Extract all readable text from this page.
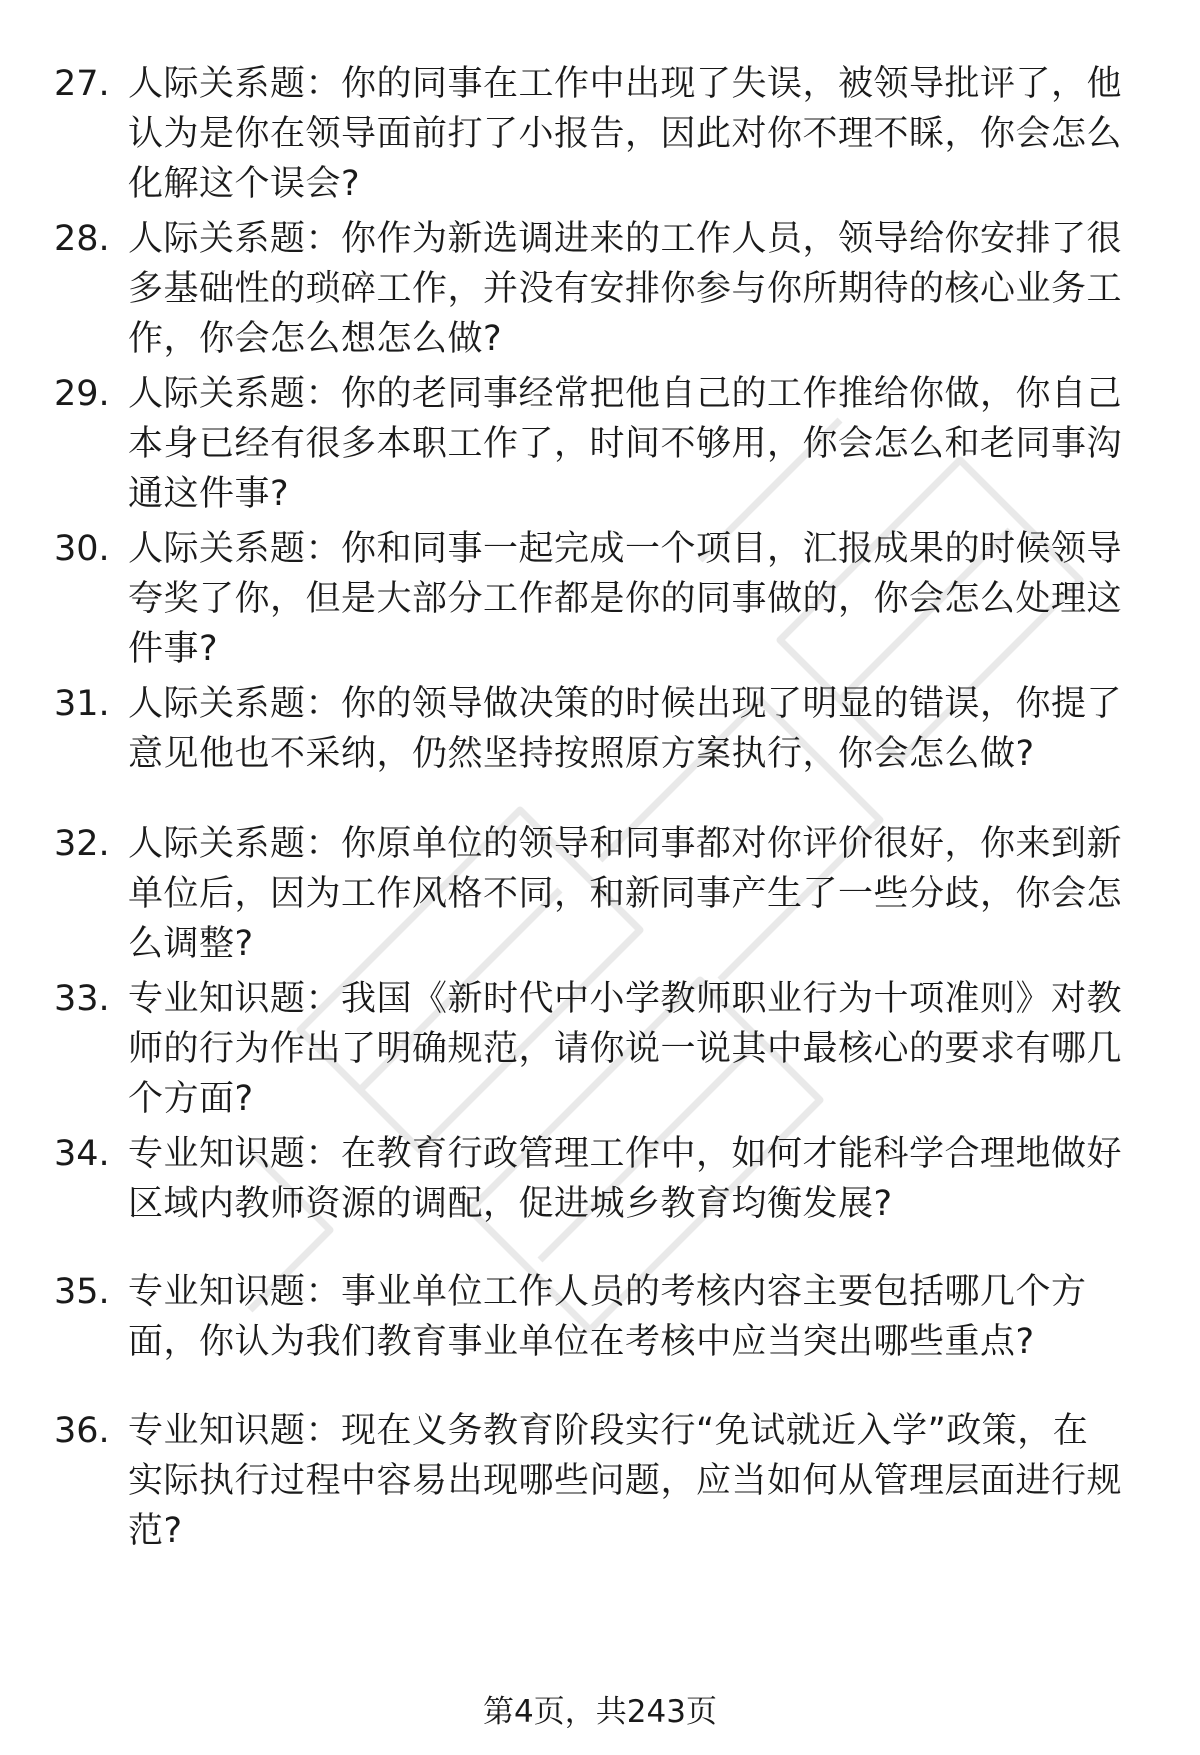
27. 人际关系题：你的同事在工作中出现了失误，被领导批评了，他
认为是你在领导面前打了小报告，因此对你不理不睬，你会怎么
化解这个误会?
28. 人际关系题：你作为新选调进来的工作人员，领导给你安排了很
多基础性的琐碎工作，并没有安排你参与你所期待的核心业务工
作，你会怎么想怎么做?
29. 人际关系题：你的老同事经常把他自己的工作推给你做，你自己
本身已经有很多本职工作了，时间不够用，你会怎么和老同事沟
通这件事?
30. 人际关系题：你和同事一起完成一个项目，汇报成果的时候领导
夸奖了你，但是大部分工作都是你的同事做的，你会怎么处理这
件事?
31. 人际关系题：你的领导做决策的时候出现了明显的错误，你提了
意见他也不采纳，仍然坚持按照原方案执行，你会怎么做?
32. 人际关系题：你原单位的领导和同事都对你评价很好，你来到新
单位后，因为工作风格不同，和新同事产生了一些分歧，你会怎
么调整?
33. 专业知识题：我国《新时代中小学教师职业行为十项准则》对教
师的行为作出了明确规范，请你说一说其中最核心的要求有哪几
个方面?
34. 专业知识题：在教育行政管理工作中，如何才能科学合理地做好
区域内教师资源的调配，促进城乡教育均衡发展?
35. 专业知识题：事业单位工作人员的考核内容主要包括哪几个方
面，你认为我们教育事业单位在考核中应当突出哪些重点?
36. 专业知识题：现在义务教育阶段实行“免试就近入学”政策，在
实际执行过程中容易出现哪些问题，应当如何从管理层面进行规
范?
第4页，共243页
